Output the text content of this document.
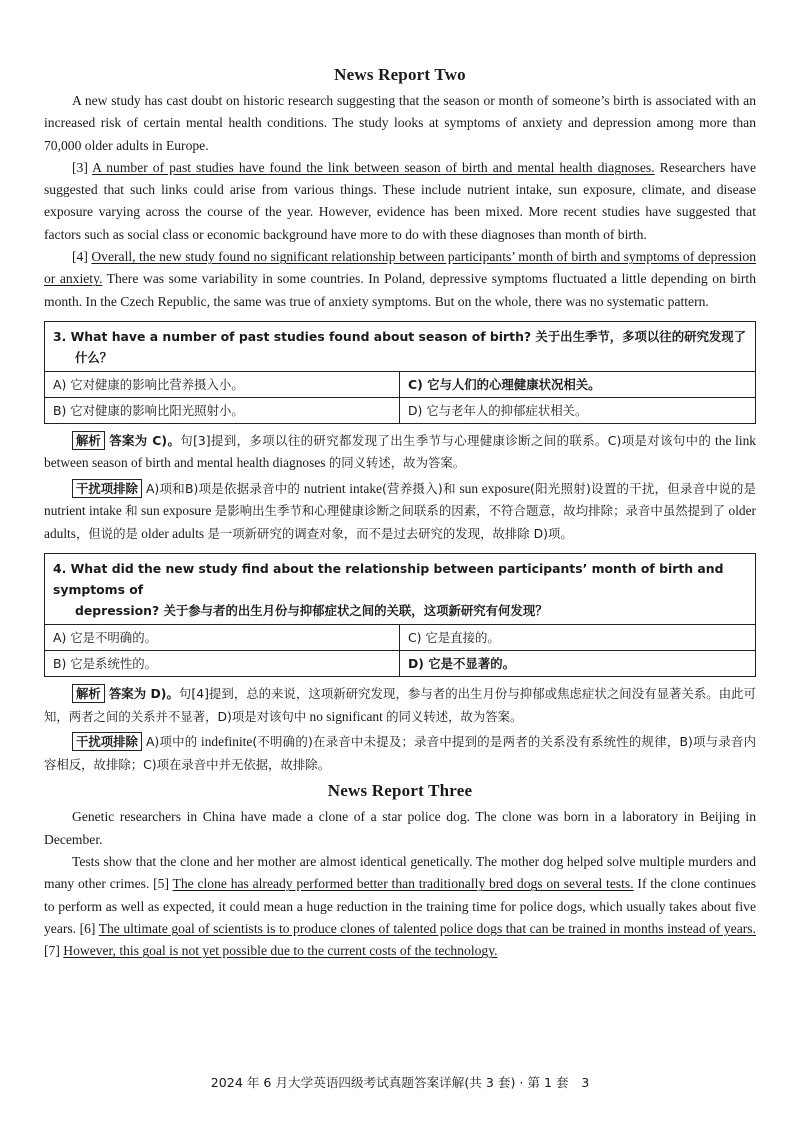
News Report Two

A new study has cast doubt on historic research suggesting that the season or month of someone’s birth is associated with an increased risk of certain mental health conditions. The study looks at symptoms of anxiety and depression among more than 70,000 older adults in Europe.

[3] A number of past studies have found the link between season of birth and mental health diagnoses. Researchers have suggested that such links could arise from various things. These include nutrient intake, sun exposure, climate, and disease exposure varying across the course of the year. However, evidence has been mixed. More recent studies have suggested that factors such as social class or economic background have more to do with these diagnoses than month of birth.

[4] Overall, the new study found no significant relationship between participants’ month of birth and symptoms of depression or anxiety. There was some variability in some countries. In Poland, depressive symptoms fluctuated a little depending on birth month. In the Czech Republic, the same was true of anxiety symptoms. But on the whole, there was no systematic pattern.

3. What have a number of past studies found about season of birth? 关于出生季节，多项以往的研究发现了
什么？
A) 它对健康的影响比营养摄入小。	C) 它与人们的心理健康状况相关。
B) 它对健康的影响比阳光照射小。	D) 它与老年人的抑郁症状相关。

解析 答案为 C)。句[3]提到，多项以往的研究都发现了出生季节与心理健康诊断之间的联系。C)项是对该句中的 the link between season of birth and mental health diagnoses 的同义转述，故为答案。

干扰项排除 A)项和B)项是依据录音中的 nutrient intake(营养摄入)和 sun exposure(阳光照射)设置的干扰，但录音中说的是 nutrient intake 和 sun exposure 是影响出生季节和心理健康诊断之间联系的因素，不符合题意，故均排除；录音中虽然提到了 older adults，但说的是 older adults 是一项新研究的调查对象，而不是过去研究的发现，故排除 D)项。

4. What did the new study find about the relationship between participants’ month of birth and symptoms of
depression? 关于参与者的出生月份与抑郁症状之间的关联，这项新研究有何发现？
A) 它是不明确的。	C) 它是直接的。
B) 它是系统性的。	D) 它是不显著的。

解析 答案为 D)。句[4]提到，总的来说，这项新研究发现，参与者的出生月份与抑郁或焦虑症状之间没有显著关系。由此可知，两者之间的关系并不显著，D)项是对该句中 no significant 的同义转述，故为答案。

干扰项排除 A)项中的 indefinite(不明确的)在录音中未提及；录音中提到的是两者的关系没有系统性的规律，B)项与录音内容相反，故排除；C)项在录音中并无依据，故排除。

News Report Three

Genetic researchers in China have made a clone of a star police dog. The clone was born in a laboratory in Beijing in December.

Tests show that the clone and her mother are almost identical genetically. The mother dog helped solve multiple murders and many other crimes. [5] The clone has already performed better than traditionally bred dogs on several tests. If the clone continues to perform as well as expected, it could mean a huge reduction in the training time for police dogs, which usually takes about five years. [6] The ultimate goal of scientists is to produce clones of talented police dogs that can be trained in months instead of years. [7] However, this goal is not yet possible due to the current costs of the technology.

2024 年 6 月大学英语四级考试真题答案详解(共 3 套) · 第 1 套　3
